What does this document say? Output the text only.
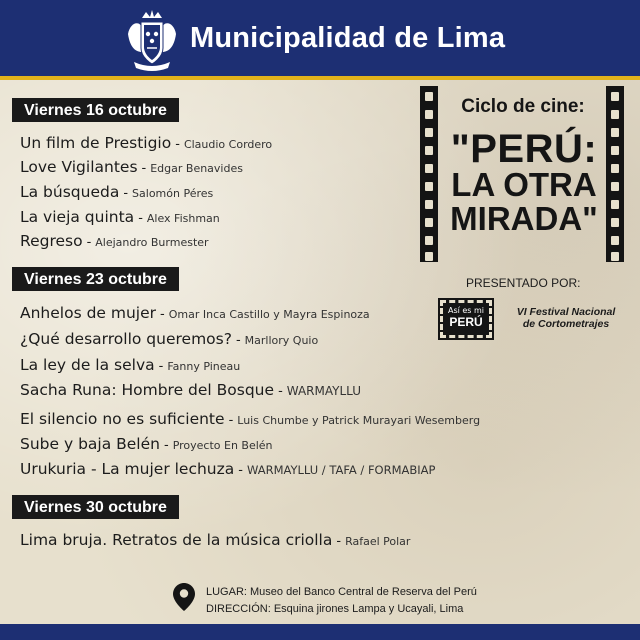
Municipalidad de Lima
Viernes 16 octubre
Un film de Prestigio - Claudio Cordero
Love Vigilantes - Edgar Benavides
La búsqueda - Salomón Péres
La vieja quinta - Alex Fishman
Regreso - Alejandro Burmester
Viernes 23 octubre
Anhelos de mujer - Omar Inca Castillo y Mayra Espinoza
¿Qué desarrollo queremos? - Marllory Quio
La ley de la selva - Fanny Pineau
Sacha Runa: Hombre del Bosque - WARMAYLLU
El silencio no es suficiente - Luis Chumbe y Patrick Murayari Wesemberg
Sube y baja Belén - Proyecto En Belén
Urukuria - La mujer lechuza - WARMAYLLU / TAFA / FORMABIAP
Viernes 30 octubre
Lima bruja. Retratos de la música criolla - Rafael Polar
Ciclo de cine:
"PERÚ:
LA OTRA
MIRADA"
PRESENTADO POR:
Así es mi
PERÚ
VI Festival Nacional
de Cortometrajes
LUGAR: Museo del Banco Central de Reserva del Perú
DIRECCIÓN: Esquina jirones Lampa y Ucayali, Lima
